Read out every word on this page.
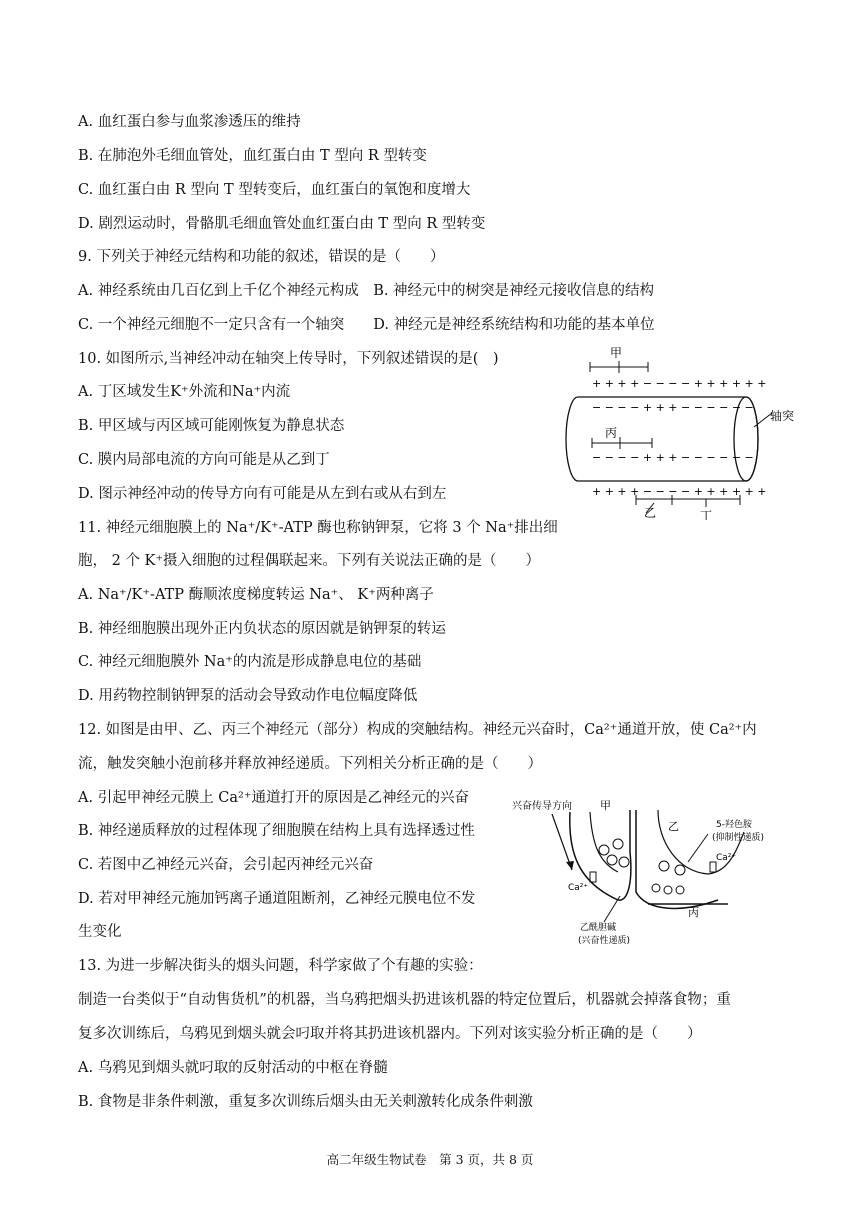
A. 血红蛋白参与血浆渗透压的维持
B. 在肺泡外毛细血管处，血红蛋白由 T 型向 R 型转变
C. 血红蛋白由 R 型向 T 型转变后，血红蛋白的氧饱和度增大
D. 剧烈运动时，骨骼肌毛细血管处血红蛋白由 T 型向 R 型转变
9. 下列关于神经元结构和功能的叙述，错误的是（　　）
A. 神经系统由几百亿到上千亿个神经元构成　B. 神经元中的树突是神经元接收信息的结构
C. 一个神经元细胞不一定只含有一个轴突　　D. 神经元是神经系统结构和功能的基本单位
10. 如图所示,当神经冲动在轴突上传导时，下列叙述错误的是(　)
A. 丁区域发生K⁺外流和Na⁺内流
B. 甲区域与丙区域可能刚恢复为静息状态
C. 膜内局部电流的方向可能是从乙到丁
D. 图示神经冲动的传导方向有可能是从左到右或从右到左
11. 神经元细胞膜上的 Na⁺/K⁺-ATP 酶也称钠钾泵，它将 3 个 Na⁺排出细
胞， 2 个 K⁺摄入细胞的过程偶联起来。下列有关说法正确的是（　　）
A. Na⁺/K⁺-ATP 酶顺浓度梯度转运 Na⁺、 K⁺两种离子
B. 神经细胞膜出现外正内负状态的原因就是钠钾泵的转运
C. 神经元细胞膜外 Na⁺的内流是形成静息电位的基础
D. 用药物控制钠钾泵的活动会导致动作电位幅度降低
12. 如图是由甲、乙、丙三个神经元（部分）构成的突触结构。神经元兴奋时，Ca²⁺通道开放，使 Ca²⁺内
流，触发突触小泡前移并释放神经递质。下列相关分析正确的是（　　）
A. 引起甲神经元膜上 Ca²⁺通道打开的原因是乙神经元的兴奋
B. 神经递质释放的过程体现了细胞膜在结构上具有选择透过性
C. 若图中乙神经元兴奋，会引起丙神经元兴奋
D. 若对甲神经元施加钙离子通道阻断剂，乙神经元膜电位不发
生变化
13. 为进一步解决街头的烟头问题，科学家做了个有趣的实验：
制造一台类似于“自动售货机”的机器，当乌鸦把烟头扔进该机器的特定位置后，机器就会掉落食物；重
复多次训练后，乌鸦见到烟头就会叼取并将其扔进该机器内。下列对该实验分析正确的是（　　）
A. 乌鸦见到烟头就叼取的反射活动的中枢在脊髓
B. 食物是非条件刺激，重复多次训练后烟头由无关刺激转化成条件刺激
甲
+ + + + − − − − + + + + + +
− − − − + + + − − − − − −
丙
− − − − + + + − − − − − −
+ + + + − − − − + + + + + +
轴突
乙	丁
兴奋传导方向	甲
Ca²⁺
乙
Ca²⁺
丙
5-羟色胺
(抑制性递质)
乙酰胆碱
(兴奋性递质)
高二年级生物试卷　第 3 页，共 8 页
